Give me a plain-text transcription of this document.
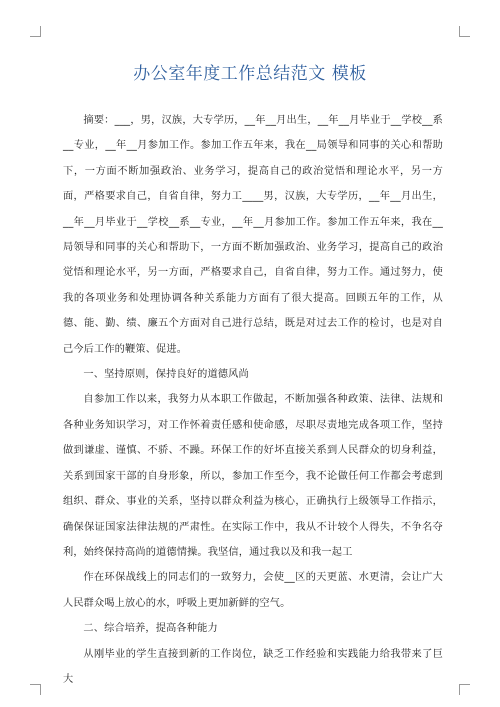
办公室年度工作总结范文 模板

摘要：___，男，汉族，大专学历，__年__月出生，__年__月毕业于__学校__系__专业，__年__月参加工作。参加工作五年来，我在__局领导和同事的关心和帮助下，一方面不断加强政治、业务学习，提高自己的政治觉悟和理论水平，另一方面，严格要求自己，自省自律，努力工____男，汉族，大专学历，__年__月出生，__年__月毕业于__学校__系__专业，__年__月参加工作。参加工作五年来，我在__局领导和同事的关心和帮助下，一方面不断加强政治、业务学习，提高自己的政治觉悟和理论水平，另一方面，严格要求自己，自省自律，努力工作。通过努力，使我的各项业务和处理协调各种关系能力方面有了很大提高。回顾五年的工作，从德、能、勤、绩、廉五个方面对自己进行总结，既是对过去工作的检讨，也是对自己今后工作的鞭策、促进。

一、坚持原则，保持良好的道德风尚

自参加工作以来，我努力从本职工作做起，不断加强各种政策、法律、法规和各种业务知识学习，对工作怀着责任感和使命感，尽职尽责地完成各项工作，坚持做到谦虚、谨慎、不骄、不躁。环保工作的好坏直接关系到人民群众的切身利益，关系到国家干部的自身形象，所以，参加工作至今，我不论做任何工作都会考虑到组织、群众、事业的关系，坚持以群众利益为核心，正确执行上级领导工作指示，确保保证国家法律法规的严肃性。在实际工作中，我从不计较个人得失，不争名夺利，始终保持高尚的道德情操。我坚信，通过我以及和我一起工

作在环保战线上的同志们的一致努力，会使__区的天更蓝、水更清，会让广大人民群众喝上放心的水，呼吸上更加新鲜的空气。

二、综合培养，提高各种能力

从刚毕业的学生直接到新的工作岗位，缺乏工作经验和实践能力给我带来了巨大
